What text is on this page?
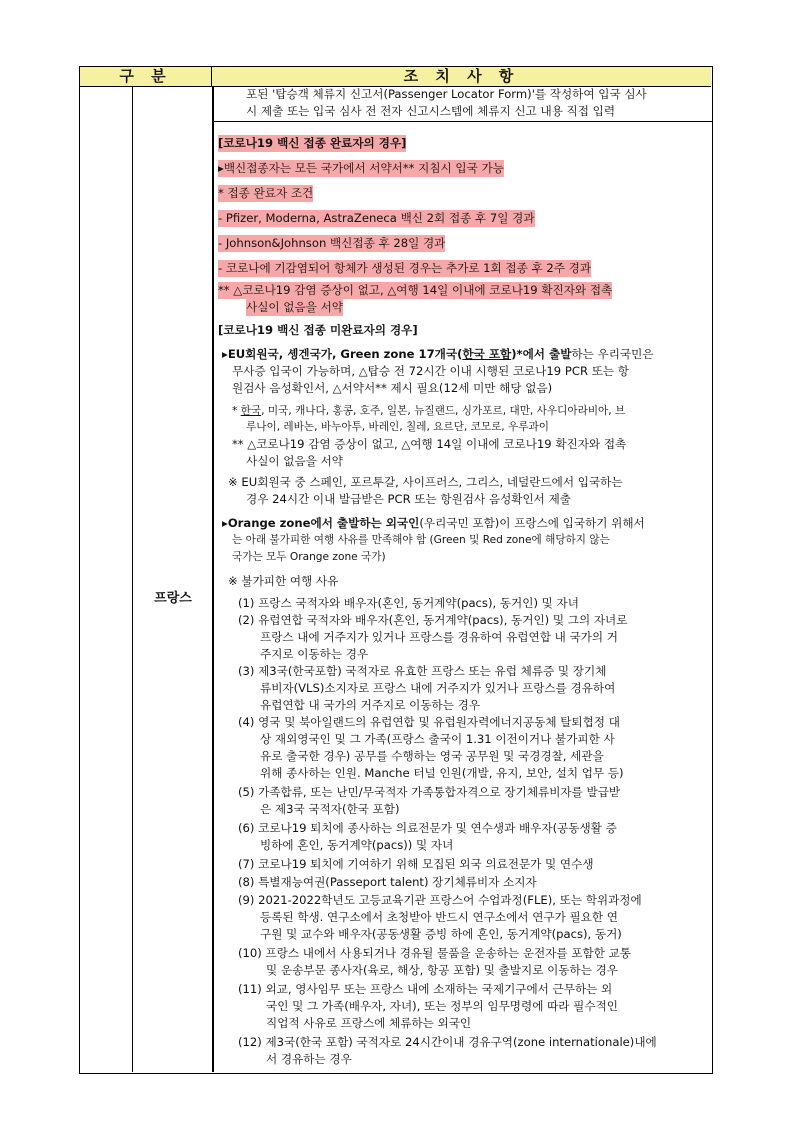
구 분	조 치 사 항
프랑스
포된 '탑승객 체류지 신고서(Passenger Locator Form)'를 작성하여 입국 심사
시 제출 또는 입국 심사 전 전자 신고시스템에 체류지 신고 내용 직접 입력
[코로나19 백신 접종 완료자의 경우]
▸백신접종자는 모든 국가에서 서약서** 지침시 입국 가능
* 접종 완료자 조건
- Pfizer, Moderna, AstraZeneca 백신 2회 접종 후 7일 경과
- Johnson&Johnson 백신접종 후 28일 경과
- 코로나에 기감염되어 항체가 생성된 경우는 추가로 1회 접종 후 2주 경과
** △코로나19 감염 증상이 없고, △여행 14일 이내에 코로나19 확진자와 접촉
사실이 없음을 서약
[코로나19 백신 접종 미완료자의 경우]
▸EU회원국, 솅겐국가, Green zone 17개국(한국 포함)*에서 출발하는 우리국민은
무사증 입국이 가능하며, △탑승 전 72시간 이내 시행된 코로나19 PCR 또는 항
원검사 음성확인서, △서약서** 제시 필요(12세 미만 해당 없음)
* 한국, 미국, 캐나다, 홍콩, 호주, 일본, 뉴질랜드, 싱가포르, 대만, 사우디아라비아, 브
루나이, 레바논, 바누아투, 바레인, 칠레, 요르단, 코모로, 우루과이
** △코로나19 감염 증상이 없고, △여행 14일 이내에 코로나19 확진자와 접촉
사실이 없음을 서약
※ EU회원국 중 스페인, 포르투갈, 사이프러스, 그리스, 네덜란드에서 입국하는
경우 24시간 이내 발급받은 PCR 또는 항원검사 음성확인서 제출
▸Orange zone에서 출발하는 외국인(우리국민 포함)이 프랑스에 입국하기 위해서
는 아래 불가피한 여행 사유를 만족해야 함 (Green 및 Red zone에 해당하지 않는
국가는 모두 Orange zone 국가)
※ 불가피한 여행 사유
(1) 프랑스 국적자와 배우자(혼인, 동거계약(pacs), 동거인) 및 자녀
(2) 유럽연합 국적자와 배우자(혼인, 동거계약(pacs), 동거인) 및 그의 자녀로
프랑스 내에 거주지가 있거나 프랑스를 경유하여 유럽연합 내 국가의 거
주지로 이동하는 경우
(3) 제3국(한국포함) 국적자로 유효한 프랑스 또는 유럽 체류증 및 장기체
류비자(VLS)소지자로 프랑스 내에 거주지가 있거나 프랑스를 경유하여
유럽연합 내 국가의 거주지로 이동하는 경우
(4) 영국 및 북아일랜드의 유럽연합 및 유럽원자력에너지공동체 탈퇴협정 대
상 재외영국인 및 그 가족(프랑스 출국이 1.31 이전이거나 불가피한 사
유로 출국한 경우) 공무를 수행하는 영국 공무원 및 국경경찰, 세관을
위해 종사하는 인원. Manche 터널 인원(개발, 유지, 보안, 설치 업무 등)
(5) 가족합류, 또는 난민/무국적자 가족통합자격으로 장기체류비자를 발급받
은 제3국 국적자(한국 포함)
(6) 코로나19 퇴치에 종사하는 의료전문가 및 연수생과 배우자(공동생활 증
빙하에 혼인, 동거계약(pacs)) 및 자녀
(7) 코로나19 퇴치에 기여하기 위해 모집된 외국 의료전문가 및 연수생
(8) 특별재능여권(Passeport talent) 장기체류비자 소지자
(9) 2021-2022학년도 고등교육기관 프랑스어 수업과정(FLE), 또는 학위과정에
등록된 학생. 연구소에서 초청받아 반드시 연구소에서 연구가 필요한 연
구원 및 교수와 배우자(공동생활 증빙 하에 혼인, 동거계약(pacs), 동거)
(10) 프랑스 내에서 사용되거나 경유될 물품을 운송하는 운전자를 포함한 교통
및 운송부문 종사자(육로, 해상, 항공 포함) 및 출발지로 이동하는 경우
(11) 외교, 영사임무 또는 프랑스 내에 소재하는 국제기구에서 근무하는 외
국인 및 그 가족(배우자, 자녀), 또는 정부의 임무명령에 따라 필수적인
직업적 사유로 프랑스에 체류하는 외국인
(12) 제3국(한국 포함) 국적자로 24시간이내 경유구역(zone internationale)내에
서 경유하는 경우
